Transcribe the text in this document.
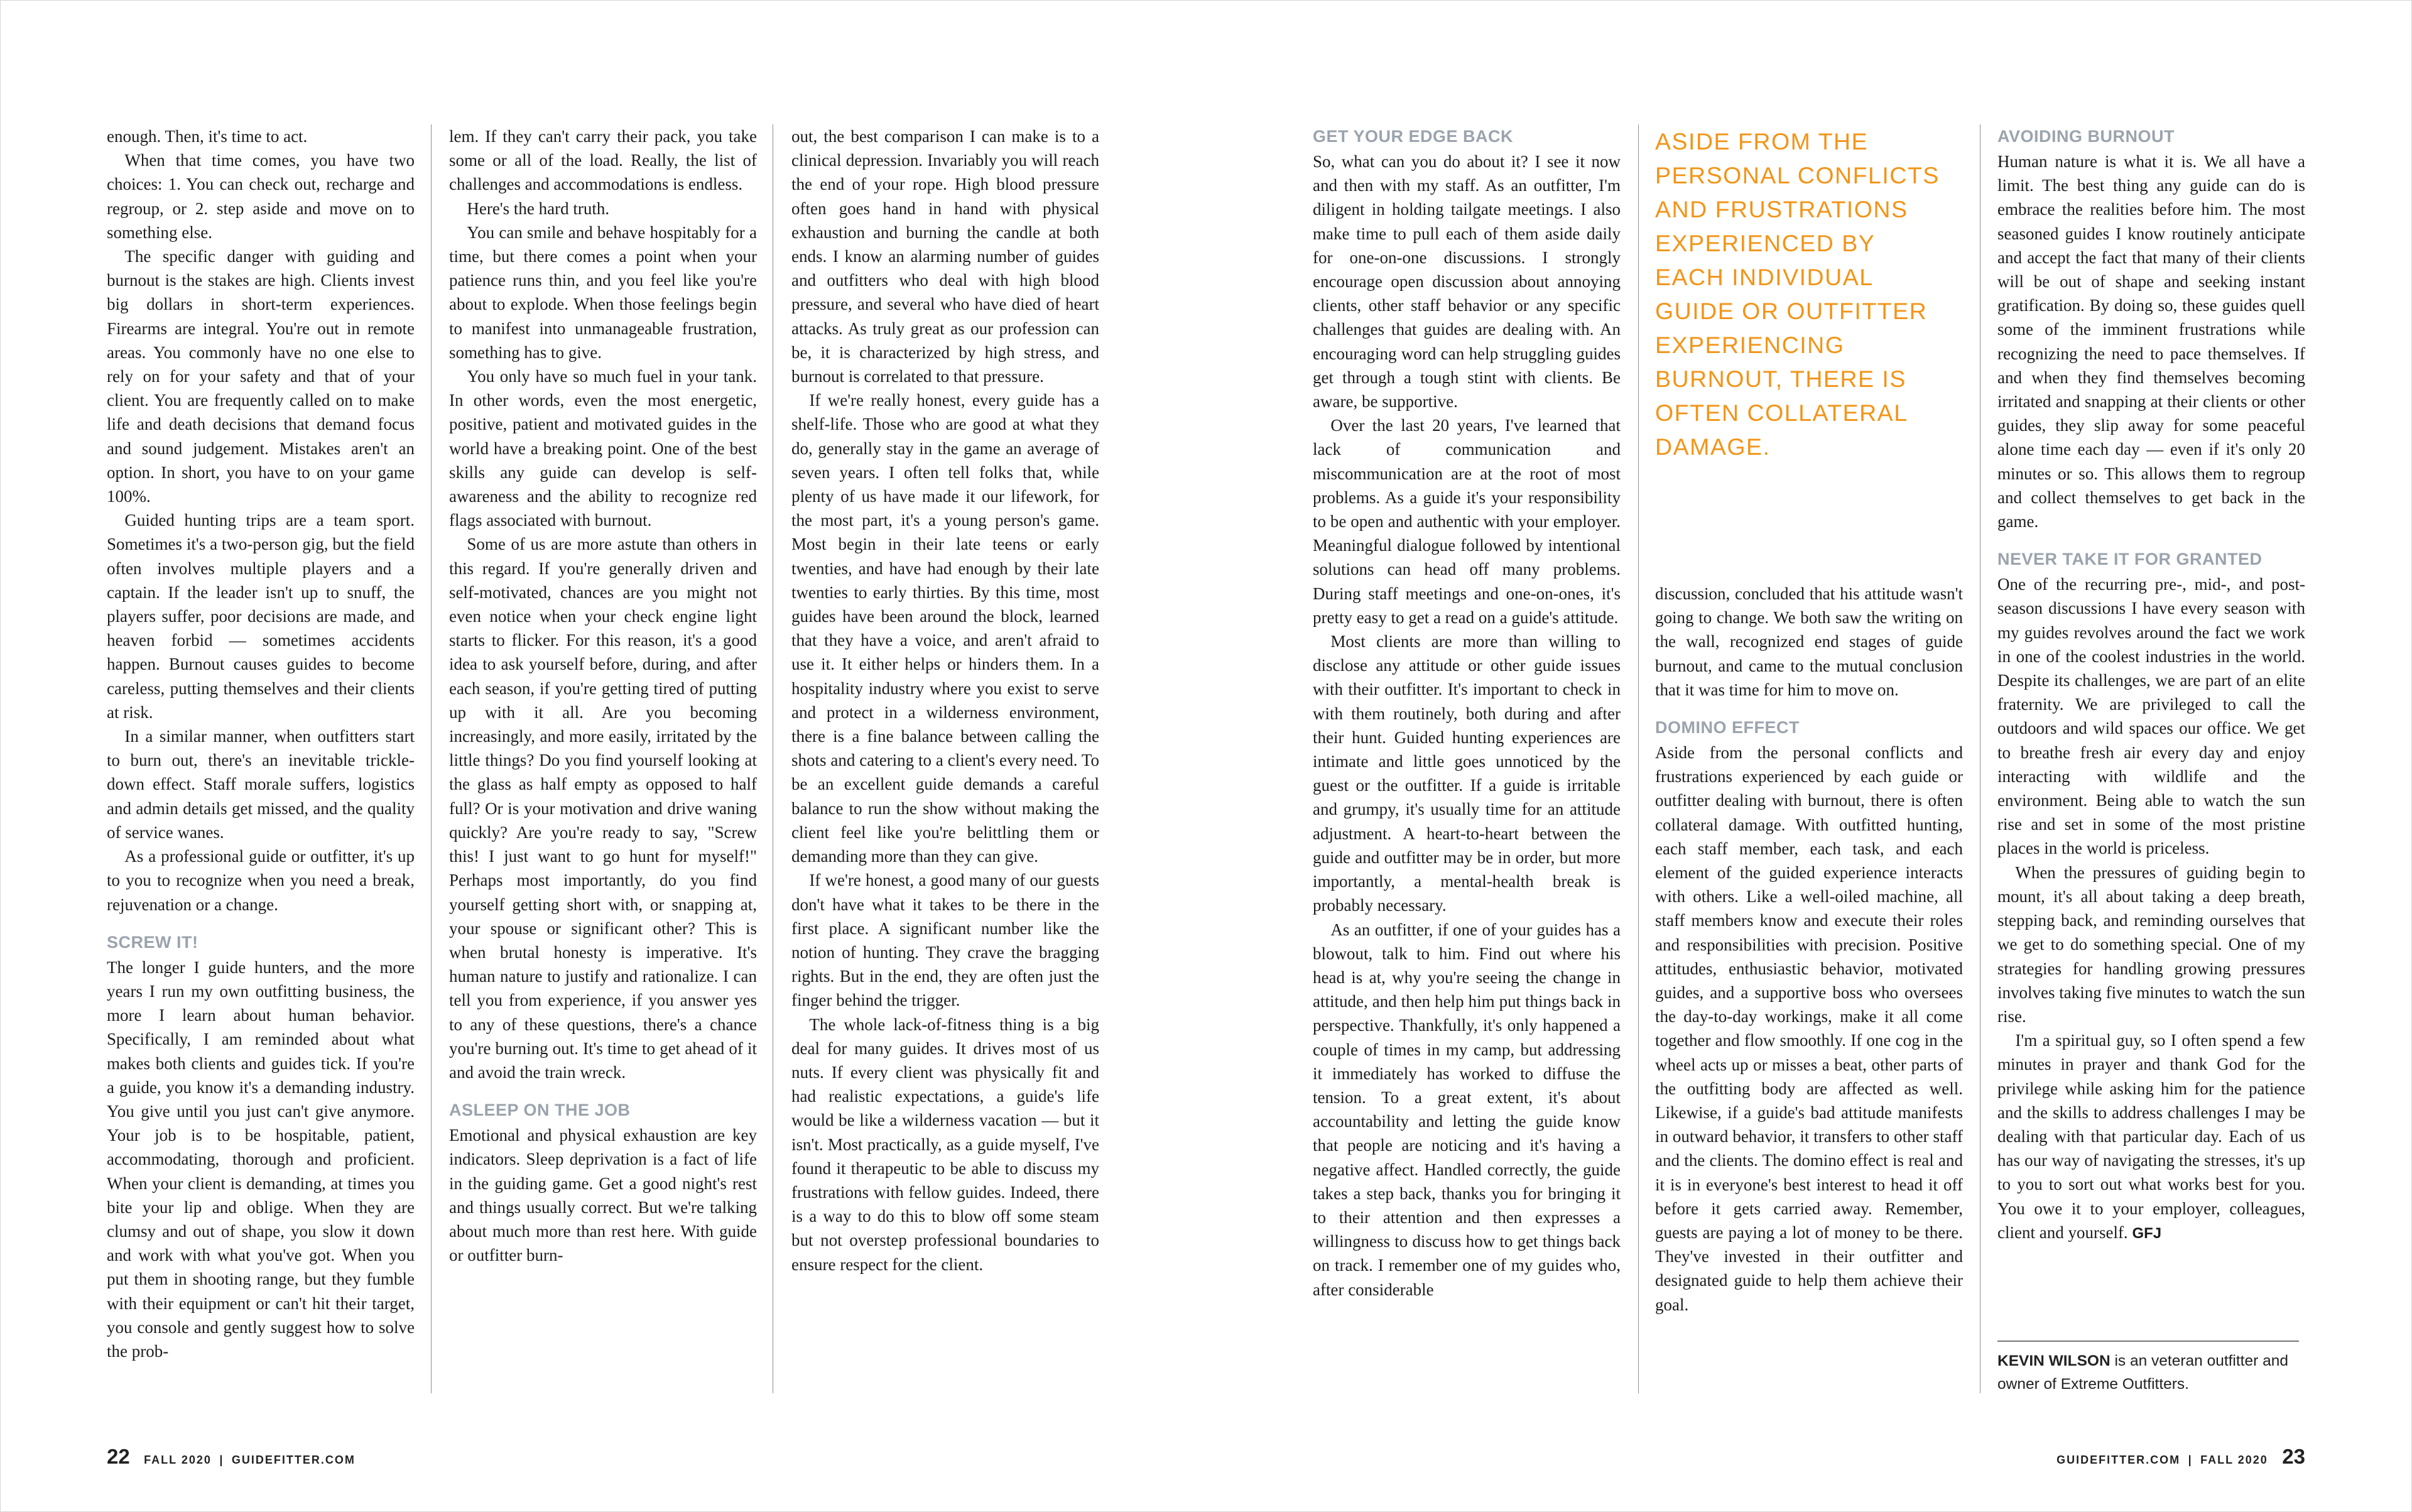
enough. Then, it's time to act.

When that time comes, you have two choices: 1. You can check out, recharge and regroup, or 2. step aside and move on to something else.

The specific danger with guiding and burnout is the stakes are high. Clients invest big dollars in short-term experiences. Firearms are integral. You're out in remote areas. You commonly have no one else to rely on for your safety and that of your client. You are frequently called on to make life and death decisions that demand focus and sound judgement. Mistakes aren't an option. In short, you have to on your game 100%.

Guided hunting trips are a team sport. Sometimes it's a two-person gig, but the field often involves multiple players and a captain. If the leader isn't up to snuff, the players suffer, poor decisions are made, and heaven forbid — sometimes accidents happen. Burnout causes guides to become careless, putting themselves and their clients at risk.

In a similar manner, when outfitters start to burn out, there's an inevitable trickle-down effect. Staff morale suffers, logistics and admin details get missed, and the quality of service wanes.

As a professional guide or outfitter, it's up to you to recognize when you need a break, rejuvenation or a change.

SCREW IT!

The longer I guide hunters, and the more years I run my own outfitting business, the more I learn about human behavior. Specifically, I am reminded about what makes both clients and guides tick. If you're a guide, you know it's a demanding industry. You give until you just can't give anymore. Your job is to be hospitable, patient, accommodating, thorough and proficient. When your client is demanding, at times you bite your lip and oblige. When they are clumsy and out of shape, you slow it down and work with what you've got. When you put them in shooting range, but they fumble with their equipment or can't hit their target, you console and gently suggest how to solve the prob-

lem. If they can't carry their pack, you take some or all of the load. Really, the list of challenges and accommodations is endless.

Here's the hard truth.

You can smile and behave hospitably for a time, but there comes a point when your patience runs thin, and you feel like you're about to explode. When those feelings begin to manifest into unmanageable frustration, something has to give.

You only have so much fuel in your tank. In other words, even the most energetic, positive, patient and motivated guides in the world have a breaking point. One of the best skills any guide can develop is self-awareness and the ability to recognize red flags associated with burnout.

Some of us are more astute than others in this regard. If you're generally driven and self-motivated, chances are you might not even notice when your check engine light starts to flicker. For this reason, it's a good idea to ask yourself before, during, and after each season, if you're getting tired of putting up with it all. Are you becoming increasingly, and more easily, irritated by the little things? Do you find yourself looking at the glass as half empty as opposed to half full? Or is your motivation and drive waning quickly? Are you're ready to say, "Screw this! I just want to go hunt for myself!" Perhaps most importantly, do you find yourself getting short with, or snapping at, your spouse or significant other? This is when brutal honesty is imperative. It's human nature to justify and rationalize. I can tell you from experience, if you answer yes to any of these questions, there's a chance you're burning out. It's time to get ahead of it and avoid the train wreck.

ASLEEP ON THE JOB

Emotional and physical exhaustion are key indicators. Sleep deprivation is a fact of life in the guiding game. Get a good night's rest and things usually correct. But we're talking about much more than rest here. With guide or outfitter burn-

out, the best comparison I can make is to a clinical depression. Invariably you will reach the end of your rope. High blood pressure often goes hand in hand with physical exhaustion and burning the candle at both ends. I know an alarming number of guides and outfitters who deal with high blood pressure, and several who have died of heart attacks. As truly great as our profession can be, it is characterized by high stress, and burnout is correlated to that pressure.

If we're really honest, every guide has a shelf-life. Those who are good at what they do, generally stay in the game an average of seven years. I often tell folks that, while plenty of us have made it our lifework, for the most part, it's a young person's game. Most begin in their late teens or early twenties, and have had enough by their late twenties to early thirties. By this time, most guides have been around the block, learned that they have a voice, and aren't afraid to use it. It either helps or hinders them. In a hospitality industry where you exist to serve and protect in a wilderness environment, there is a fine balance between calling the shots and catering to a client's every need. To be an excellent guide demands a careful balance to run the show without making the client feel like you're belittling them or demanding more than they can give.

If we're honest, a good many of our guests don't have what it takes to be there in the first place. A significant number like the notion of hunting. They crave the bragging rights. But in the end, they are often just the finger behind the trigger.

The whole lack-of-fitness thing is a big deal for many guides. It drives most of us nuts. If every client was physically fit and had realistic expectations, a guide's life would be like a wilderness vacation — but it isn't. Most practically, as a guide myself, I've found it therapeutic to be able to discuss my frustrations with fellow guides. Indeed, there is a way to do this to blow off some steam but not overstep professional boundaries to ensure respect for the client.

GET YOUR EDGE BACK

So, what can you do about it? I see it now and then with my staff. As an outfitter, I'm diligent in holding tailgate meetings. I also make time to pull each of them aside daily for one-on-one discussions. I strongly encourage open discussion about annoying clients, other staff behavior or any specific challenges that guides are dealing with. An encouraging word can help struggling guides get through a tough stint with clients. Be aware, be supportive.

Over the last 20 years, I've learned that lack of communication and miscommunication are at the root of most problems. As a guide it's your responsibility to be open and authentic with your employer. Meaningful dialogue followed by intentional solutions can head off many problems. During staff meetings and one-on-ones, it's pretty easy to get a read on a guide's attitude.

Most clients are more than willing to disclose any attitude or other guide issues with their outfitter. It's important to check in with them routinely, both during and after their hunt. Guided hunting experiences are intimate and little goes unnoticed by the guest or the outfitter. If a guide is irritable and grumpy, it's usually time for an attitude adjustment. A heart-to-heart between the guide and outfitter may be in order, but more importantly, a mental-health break is probably necessary.

As an outfitter, if one of your guides has a blowout, talk to him. Find out where his head is at, why you're seeing the change in attitude, and then help him put things back in perspective. Thankfully, it's only happened a couple of times in my camp, but addressing it immediately has worked to diffuse the tension. To a great extent, it's about accountability and letting the guide know that people are noticing and it's having a negative affect. Handled correctly, the guide takes a step back, thanks you for bringing it to their attention and then expresses a willingness to discuss how to get things back on track. I remember one of my guides who, after considerable

ASIDE FROM THE PERSONAL CONFLICTS AND FRUSTRATIONS EXPERIENCED BY EACH INDIVIDUAL GUIDE OR OUTFITTER EXPERIENCING BURNOUT, THERE IS OFTEN COLLATERAL DAMAGE.

discussion, concluded that his attitude wasn't going to change. We both saw the writing on the wall, recognized end stages of guide burnout, and came to the mutual conclusion that it was time for him to move on.

DOMINO EFFECT

Aside from the personal conflicts and frustrations experienced by each guide or outfitter dealing with burnout, there is often collateral damage. With outfitted hunting, each staff member, each task, and each element of the guided experience interacts with others. Like a well-oiled machine, all staff members know and execute their roles and responsibilities with precision. Positive attitudes, enthusiastic behavior, motivated guides, and a supportive boss who oversees the day-to-day workings, make it all come together and flow smoothly. If one cog in the wheel acts up or misses a beat, other parts of the outfitting body are affected as well. Likewise, if a guide's bad attitude manifests in outward behavior, it transfers to other staff and the clients. The domino effect is real and it is in everyone's best interest to head it off before it gets carried away. Remember, guests are paying a lot of money to be there. They've invested in their outfitter and designated guide to help them achieve their goal.

AVOIDING BURNOUT

Human nature is what it is. We all have a limit. The best thing any guide can do is embrace the realities before him. The most seasoned guides I know routinely anticipate and accept the fact that many of their clients will be out of shape and seeking instant gratification. By doing so, these guides quell some of the imminent frustrations while recognizing the need to pace themselves. If and when they find themselves becoming irritated and snapping at their clients or other guides, they slip away for some peaceful alone time each day — even if it's only 20 minutes or so. This allows them to regroup and collect themselves to get back in the game.

NEVER TAKE IT FOR GRANTED

One of the recurring pre-, mid-, and post-season discussions I have every season with my guides revolves around the fact we work in one of the coolest industries in the world. Despite its challenges, we are part of an elite fraternity. We are privileged to call the outdoors and wild spaces our office. We get to breathe fresh air every day and enjoy interacting with wildlife and the environment. Being able to watch the sun rise and set in some of the most pristine places in the world is priceless.

When the pressures of guiding begin to mount, it's all about taking a deep breath, stepping back, and reminding ourselves that we get to do something special. One of my strategies for handling growing pressures involves taking five minutes to watch the sun rise.

I'm a spiritual guy, so I often spend a few minutes in prayer and thank God for the privilege while asking him for the patience and the skills to address challenges I may be dealing with that particular day. Each of us has our way of navigating the stresses, it's up to you to sort out what works best for you. You owe it to your employer, colleagues, client and yourself. GFJ

KEVIN WILSON is an veteran outfitter and owner of Extreme Outfitters.
22 FALL 2020 | GUIDEFITTER.COM	GUIDEFITTER.COM | FALL 2020 23
